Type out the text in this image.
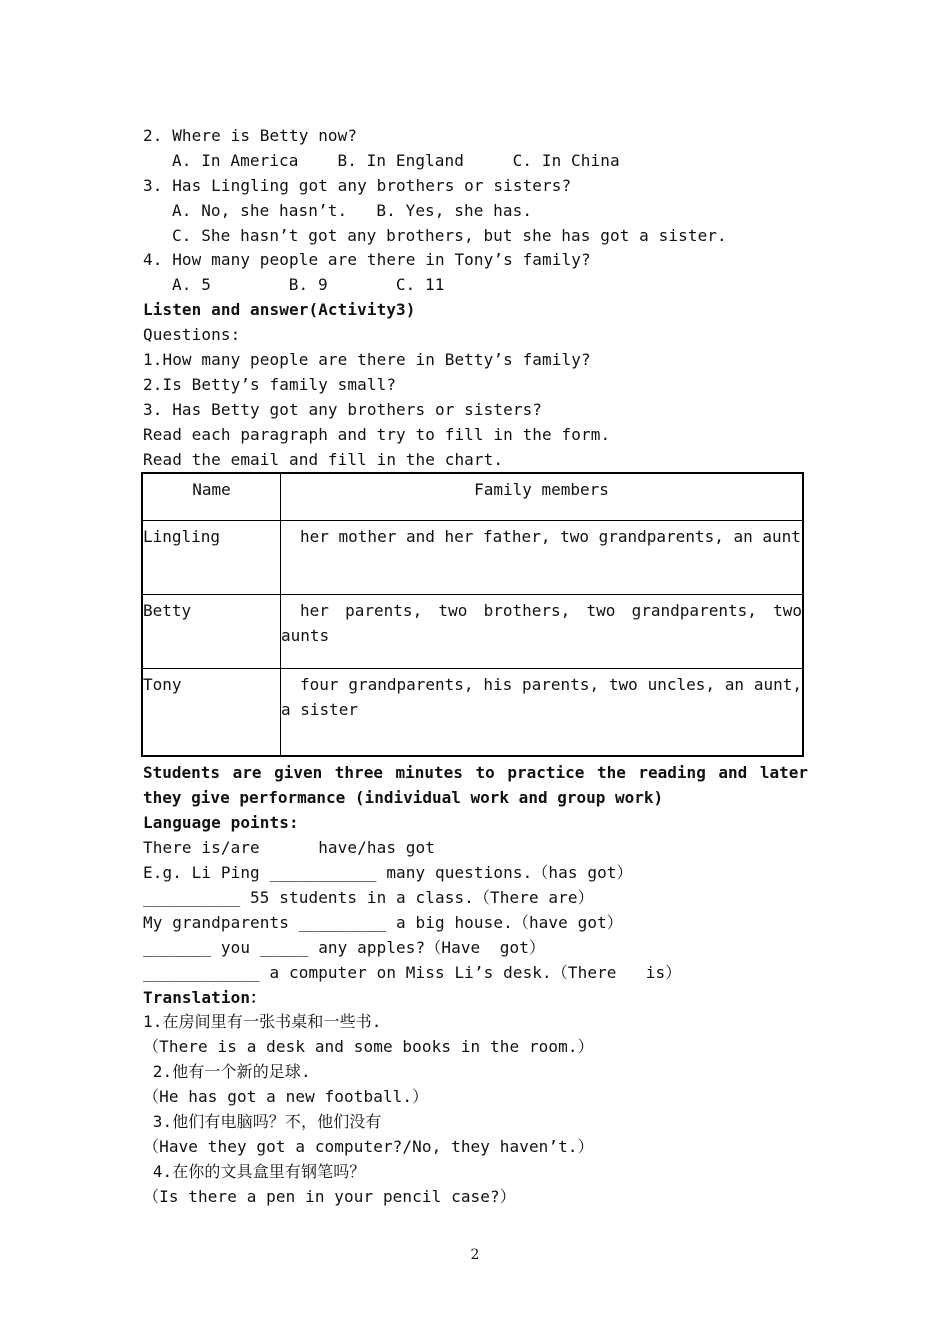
2. Where is Betty now?
A. In America    B. In England     C. In China
3. Has Lingling got any brothers or sisters?
A. No, she hasn’t.   B. Yes, she has.
C. She hasn’t got any brothers, but she has got a sister.
4. How many people are there in Tony’s family?
A. 5        B. 9       C. 11
Listen and answer(Activity3)
Questions:
1.How many people are there in Betty’s family?
2.Is Betty’s family small?
3. Has Betty got any brothers or sisters?
Read each paragraph and try to fill in the form.
Read the email and fill in the chart.
Name	Family members
Lingling	her mother and her father, two grandparents, an aunt
Betty	her parents, two brothers, two grandparents, two aunts
Tony	four grandparents, his parents, two uncles, an aunt, a sister
Students are given three minutes to practice the reading and later they give performance (individual work and group work)
Language points:
There is/are      have/has got
E.g. Li Ping ___________ many questions.（has got）
__________ 55 students in a class.（There are）
My grandparents _________ a big house.（have got）
_______ you _____ any apples?（Have  got）
____________ a computer on Miss Li’s desk.（There   is）
Translation：
1.在房间里有一张书桌和一些书.
（There is a desk and some books in the room.）
2.他有一个新的足球.
（He has got a new football.）
3.他们有电脑吗？不，他们没有
（Have they got a computer?/No, they haven’t.）
4.在你的文具盒里有钢笔吗？
（Is there a pen in your pencil case?）
2
